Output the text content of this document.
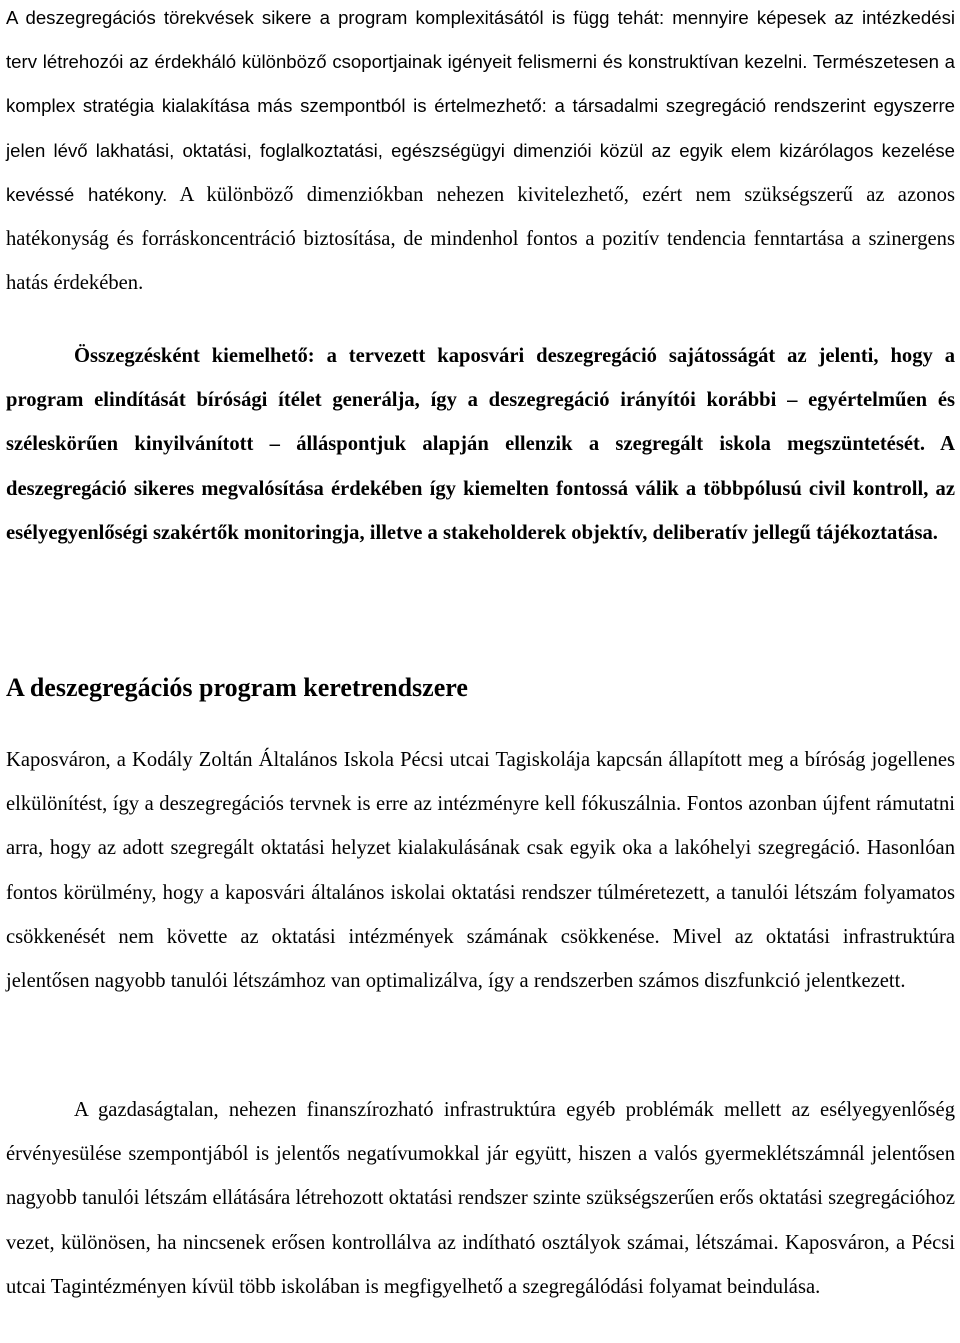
A deszegregációs törekvések sikere a program komplexitásától is függ tehát: mennyire képesek az intézkedési terv létrehozói az érdekháló különböző csoportjainak igényeit felismerni és konstruktívan kezelni. Természetesen a komplex stratégia kialakítása más szempontból is értelmezhető: a társadalmi szegregáció rendszerint egyszerre jelen lévő lakhatási, oktatási, foglalkoztatási, egészségügyi dimenziói közül az egyik elem kizárólagos kezelése kevéssé hatékony. A különböző dimenziókban nehezen kivitelezhető, ezért nem szükségszerű az azonos hatékonyság és forráskoncentráció biztosítása, de mindenhol fontos a pozitív tendencia fenntartása a szinergens hatás érdekében.

Összegzésként kiemelhető: a tervezett kaposvári deszegregáció sajátosságát az jelenti, hogy a program elindítását bírósági ítélet generálja, így a deszegregáció irányítói korábbi – egyértelműen és széleskörűen kinyilvánított – álláspontjuk alapján ellenzik a szegregált iskola megszüntetését. A deszegregáció sikeres megvalósítása érdekében így kiemelten fontossá válik a többpólusú civil kontroll, az esélyegyenlőségi szakértők monitoringja, illetve a stakeholderek objektív, deliberatív jellegű tájékoztatása.

A deszegregációs program keretrendszere

Kaposváron, a Kodály Zoltán Általános Iskola Pécsi utcai Tagiskolája kapcsán állapított meg a bíróság jogellenes elkülönítést, így a deszegregációs tervnek is erre az intézményre kell fókuszálnia. Fontos azonban újfent rámutatni arra, hogy az adott szegregált oktatási helyzet kialakulásának csak egyik oka a lakóhelyi szegregáció. Hasonlóan fontos körülmény, hogy a kaposvári általános iskolai oktatási rendszer túlméretezett, a tanulói létszám folyamatos csökkenését nem követte az oktatási intézmények számának csökkenése. Mivel az oktatási infrastruktúra jelentősen nagyobb tanulói létszámhoz van optimalizálva, így a rendszerben számos diszfunkció jelentkezett.

A gazdaságtalan, nehezen finanszírozható infrastruktúra egyéb problémák mellett az esélyegyenlőség érvényesülése szempontjából is jelentős negatívumokkal jár együtt, hiszen a valós gyermeklétszámnál jelentősen nagyobb tanulói létszám ellátására létrehozott oktatási rendszer szinte szükségszerűen erős oktatási szegregációhoz vezet, különösen, ha nincsenek erősen kontrollálva az indítható osztályok számai, létszámai. Kaposváron, a Pécsi utcai Tagintézményen kívül több iskolában is megfigyelhető a szegregálódási folyamat beindulása.
